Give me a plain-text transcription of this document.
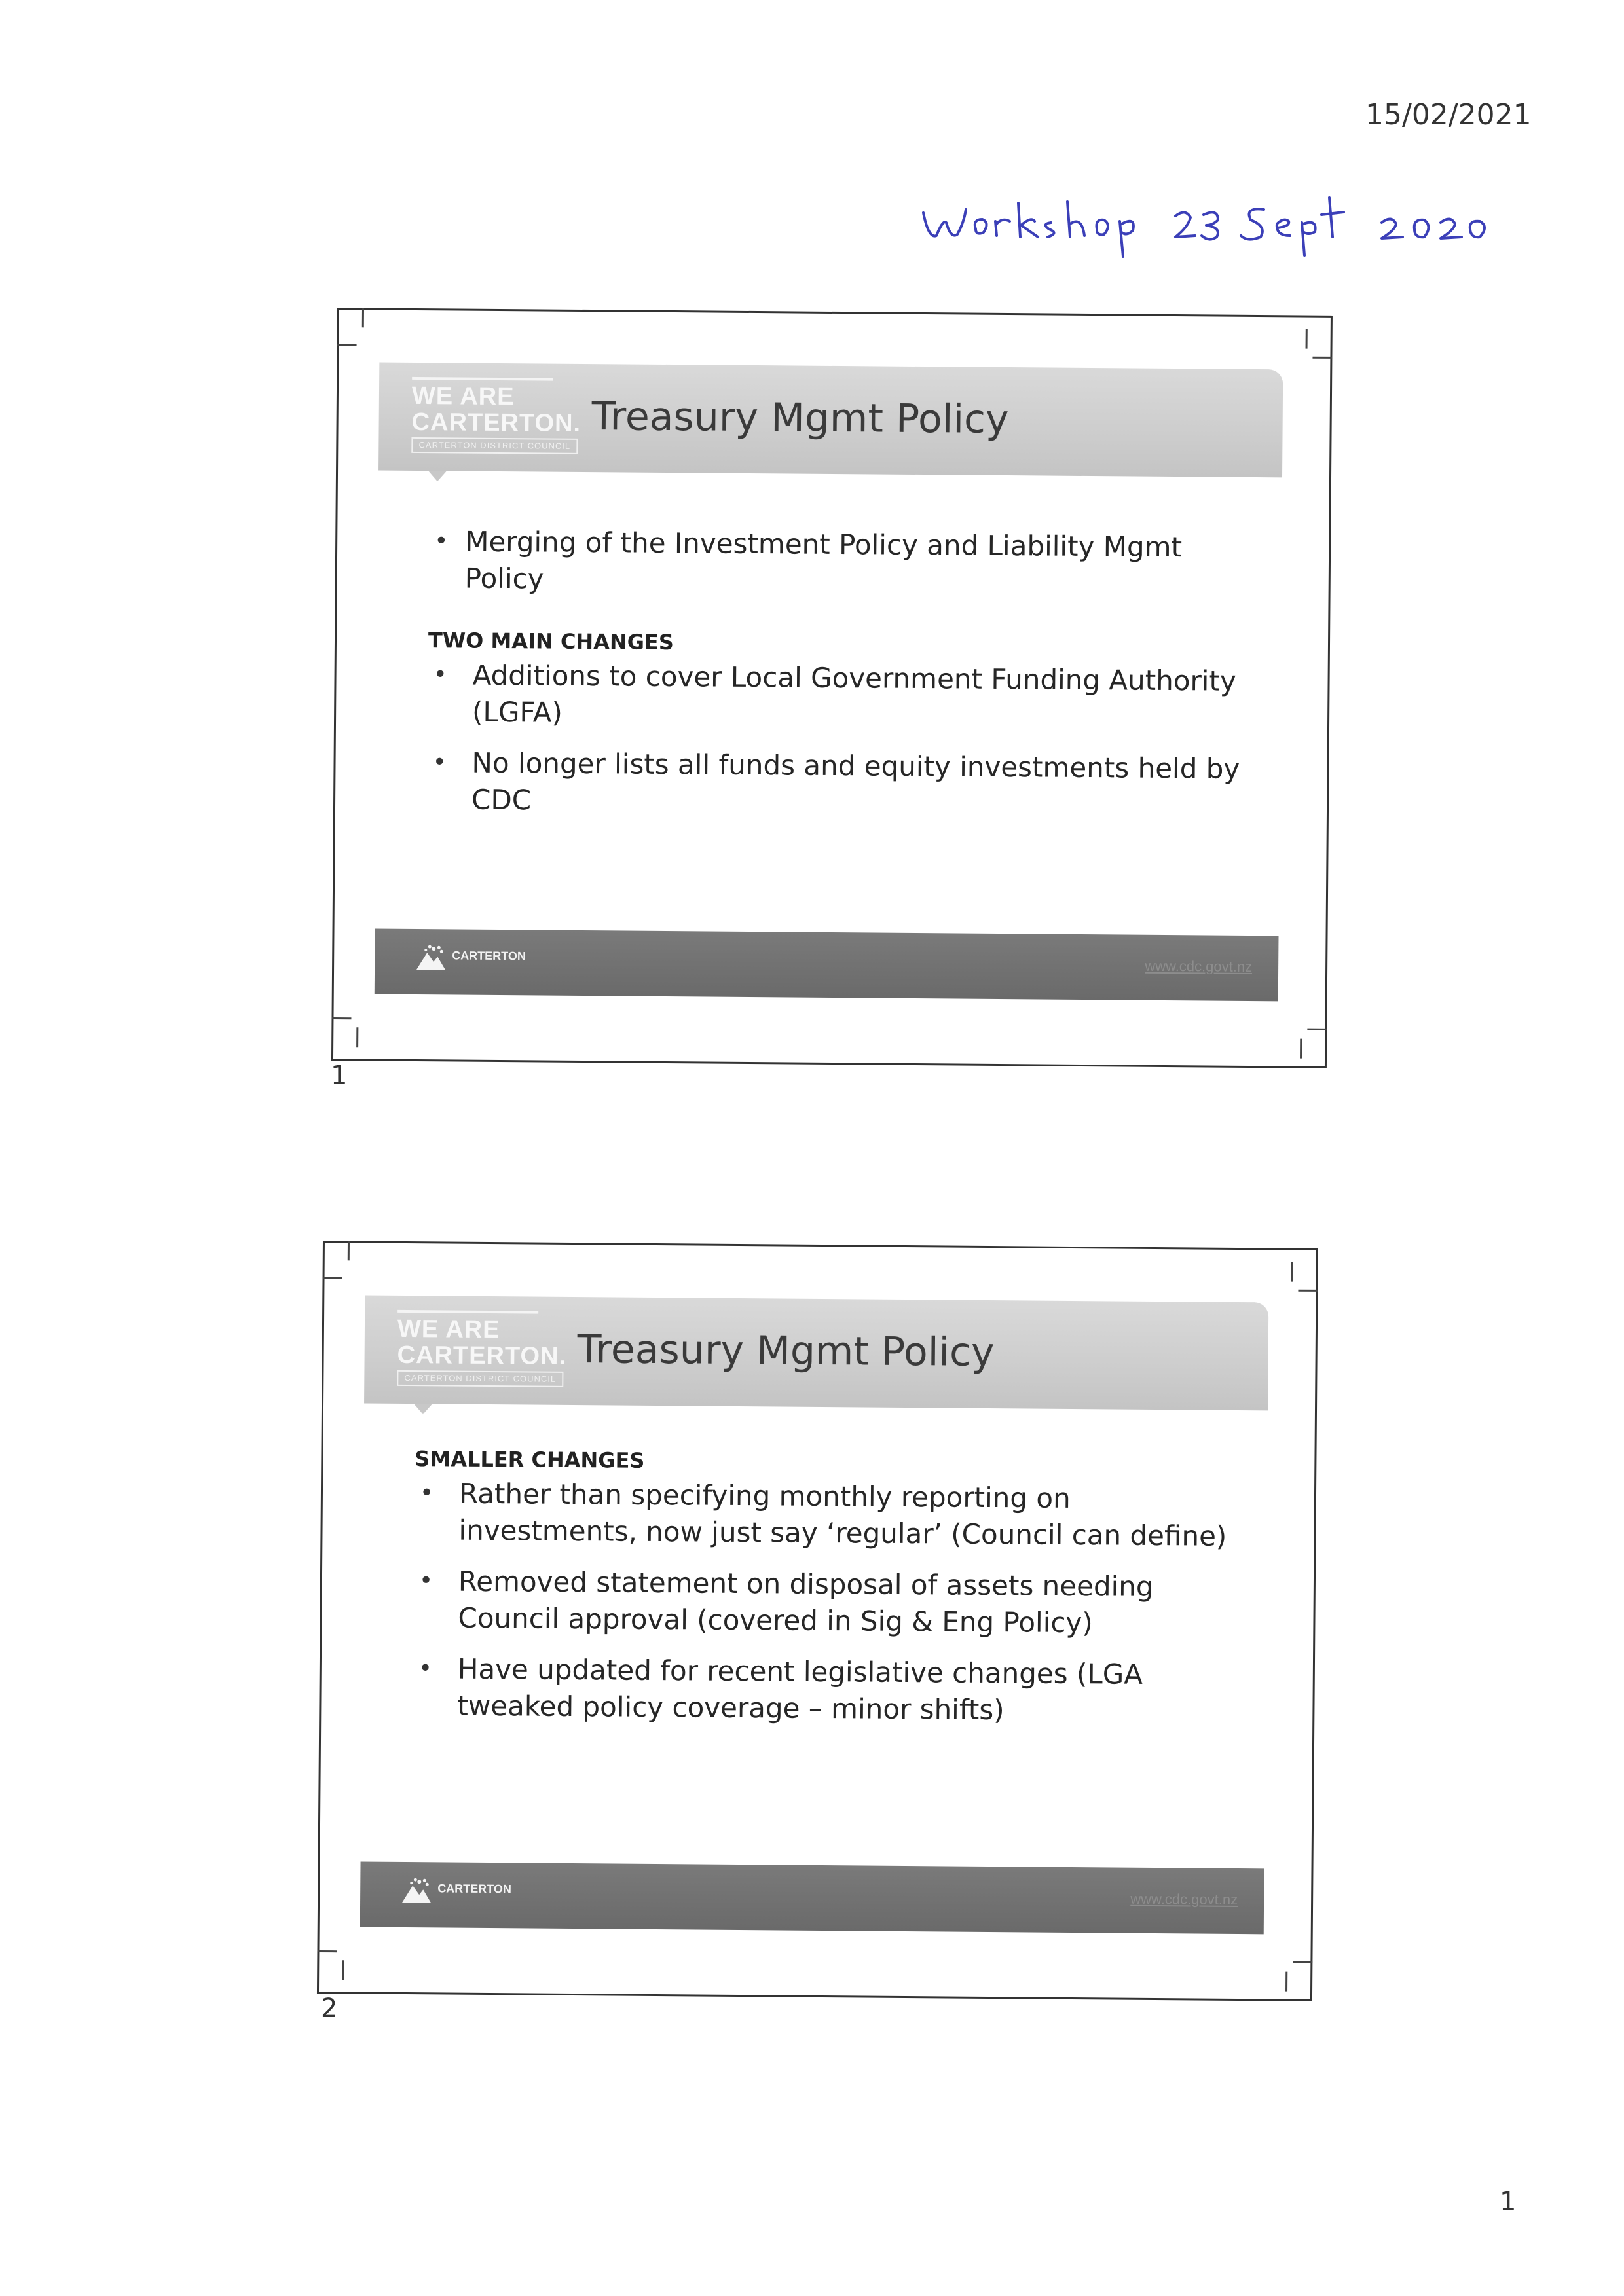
15/02/2021
WE ARE
CARTERTON.
CARTERTON DISTRICT COUNCIL
Treasury Mgmt Policy
• Merging of the Investment Policy and Liability Mgmt Policy
TWO MAIN CHANGES
• Additions to cover Local Government Funding Authority (LGFA)
• No longer lists all funds and equity investments held by CDC
CARTERTON
www.cdc.govt.nz
1
WE ARE
CARTERTON.
CARTERTON DISTRICT COUNCIL
Treasury Mgmt Policy
SMALLER CHANGES
• Rather than specifying monthly reporting on investments, now just say ‘regular’ (Council can define)
• Removed statement on disposal of assets needing Council approval (covered in Sig & Eng Policy)
• Have updated for recent legislative changes (LGA tweaked policy coverage – minor shifts)
CARTERTON
www.cdc.govt.nz
2
1
